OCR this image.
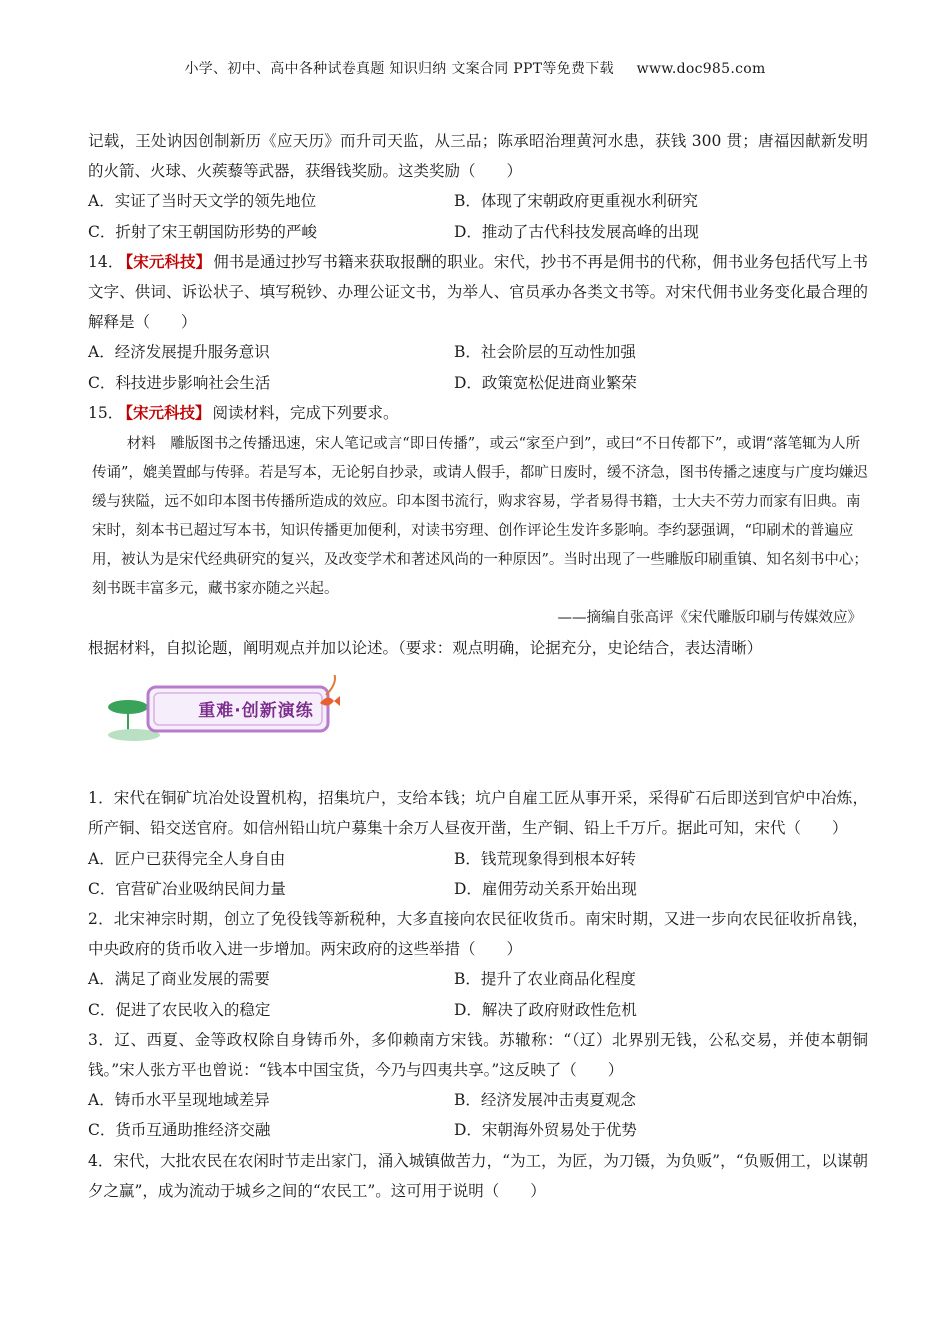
小学、初中、高中各种试卷真题 知识归纳 文案合同 PPT等免费下载 www.doc985.com
记载，王处讷因创制新历《应天历》而升司天监，从三品；陈承昭治理黄河水患，获钱 300 贯；唐福因献新发明的火箭、火球、火蒺藜等武器，获缗钱奖励。这类奖励（　　）
A．实证了当时天文学的领先地位	B．体现了宋朝政府更重视水利研究
C．折射了宋王朝国防形势的严峻	D．推动了古代科技发展高峰的出现
14． 【宋元科技】 佣书是通过抄写书籍来获取报酬的职业。宋代，抄书不再是佣书的代称，佣书业务包括代写上书文字、供词、诉讼状子、填写税钞、办理公证文书，为举人、官员承办各类文书等。对宋代佣书业务变化最合理的解释是（　　）
A．经济发展提升服务意识	B．社会阶层的互动性加强
C．科技进步影响社会生活	D．政策宽松促进商业繁荣
15． 【宋元科技】 阅读材料，完成下列要求。
材料　雕版图书之传播迅速，宋人笔记或言“即日传播”，或云“家至户到”，或曰“不日传都下”，或谓“落笔辄为人所传诵”，媲美置邮与传驿。若是写本，无论躬自抄录，或请人假手，都旷日废时，缓不济急，图书传播之速度与广度均嫌迟缓与狭隘，远不如印本图书传播所造成的效应。印本图书流行，购求容易，学者易得书籍，士大夫不劳力而家有旧典。南宋时，刻本书已超过写本书，知识传播更加便利，对读书穷理、创作评论生发许多影响。李约瑟强调，“印刷术的普遍应用，被认为是宋代经典研究的复兴，及改变学术和著述风尚的一种原因”。当时出现了一些雕版印刷重镇、知名刻书中心；刻书既丰富多元，藏书家亦随之兴起。
——摘编自张高评《宋代雕版印刷与传媒效应》
根据材料，自拟论题，阐明观点并加以论述。（要求：观点明确，论据充分，史论结合，表达清晰）
重难·创新演练
1．宋代在铜矿坑冶处设置机构，招集坑户，支给本钱；坑户自雇工匠从事开采，采得矿石后即送到官炉中冶炼，所产铜、铅交送官府。如信州铅山坑户募集十余万人昼夜开凿，生产铜、铅上千万斤。据此可知，宋代（　　）
A．匠户已获得完全人身自由	B．钱荒现象得到根本好转
C．官营矿冶业吸纳民间力量	D．雇佣劳动关系开始出现
2．北宋神宗时期，创立了免役钱等新税种，大多直接向农民征收货币。南宋时期，又进一步向农民征收折帛钱，中央政府的货币收入进一步增加。两宋政府的这些举措（　　）
A．满足了商业发展的需要	B．提升了农业商品化程度
C．促进了农民收入的稳定	D．解决了政府财政性危机
3．辽、西夏、金等政权除自身铸币外，多仰赖南方宋钱。苏辙称：“（辽）北界别无钱，公私交易，并使本朝铜钱。”宋人张方平也曾说：“钱本中国宝货，今乃与四夷共享。”这反映了（　　）
A．铸币水平呈现地域差异	B．经济发展冲击夷夏观念
C．货币互通助推经济交融	D．宋朝海外贸易处于优势
4．宋代，大批农民在农闲时节走出家门，涌入城镇做苦力，“为工，为匠，为刀镊，为负贩”，“负贩佣工，以谋朝夕之赢”，成为流动于城乡之间的“农民工”。这可用于说明（　　）
